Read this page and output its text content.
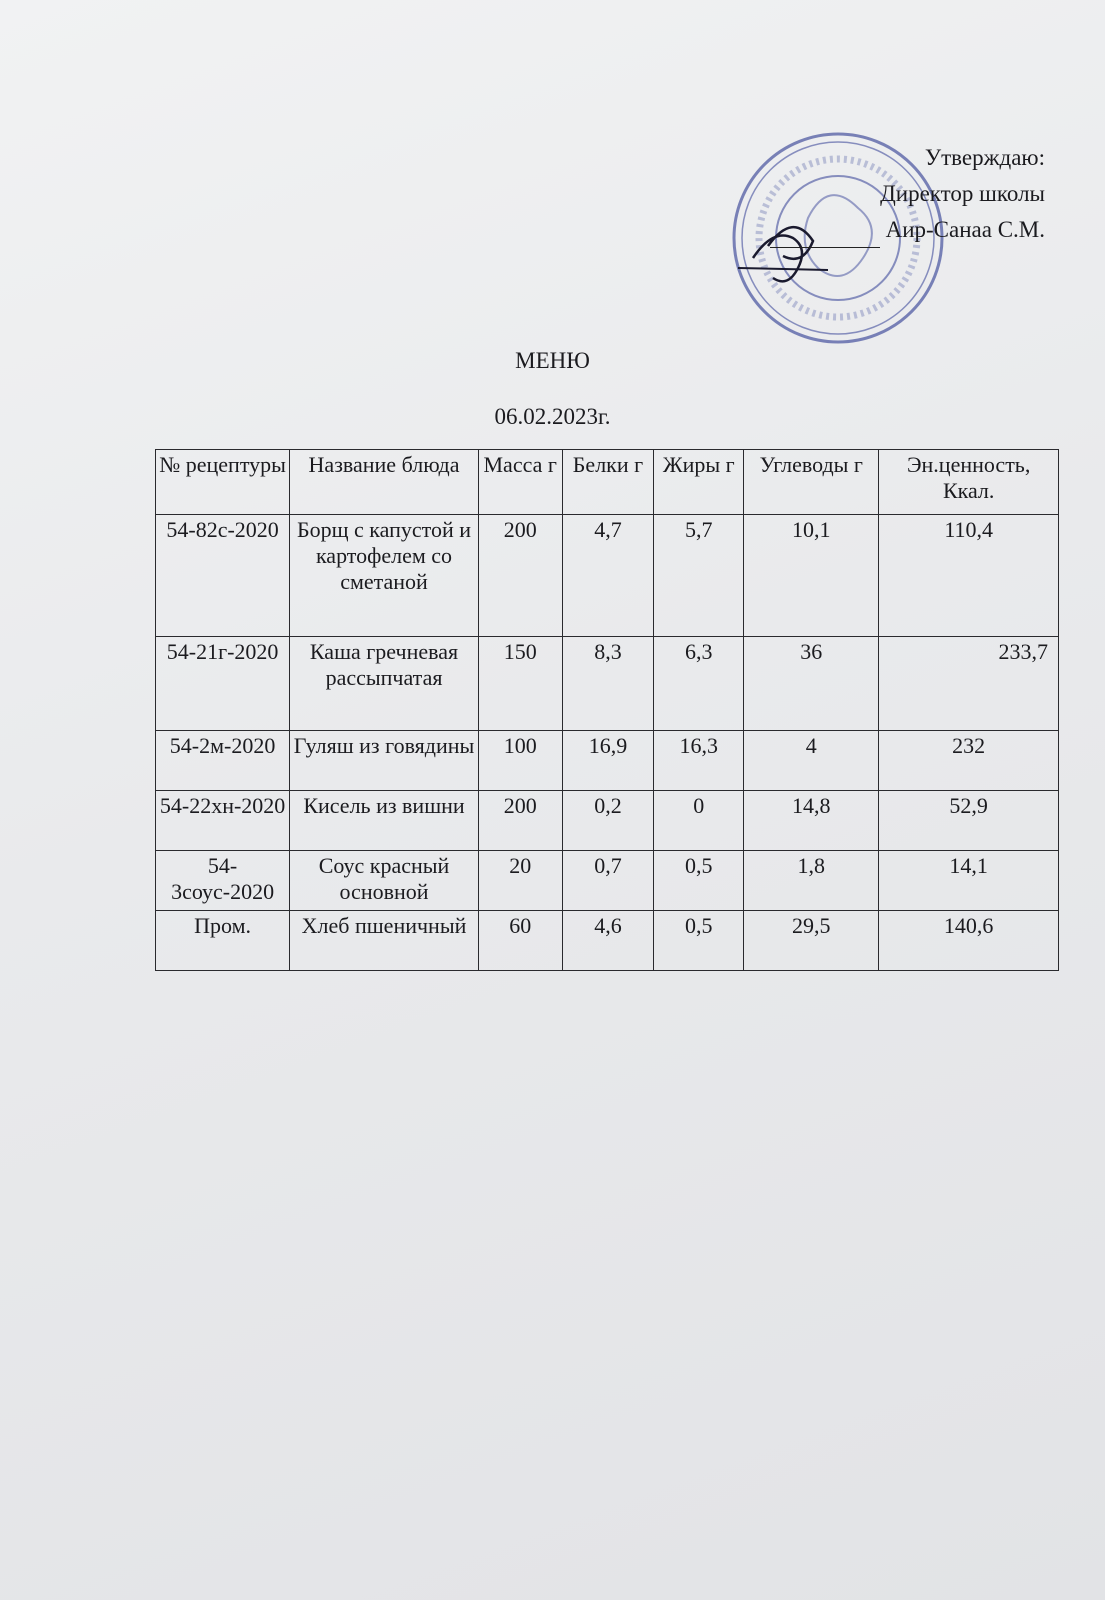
Утверждаю:
Директор школы
Аир-Санаа С.М.
МЕНЮ
06.02.2023г.
№ рецептуры	Название блюда	Масса г	Белки г	Жиры г	Углеводы г	Эн.ценность, Ккал.
54-82с-2020	Борщ с капустой и картофелем со сметаной	200	4,7	5,7	10,1	110,4
54-21г-2020	Каша гречневая рассыпчатая	150	8,3	6,3	36	233,7
54-2м-2020	Гуляш из говядины	100	16,9	16,3	4	232
54-22хн-2020	Кисель из вишни	200	0,2	0	14,8	52,9
54-3соус-2020	Соус красный основной	20	0,7	0,5	1,8	14,1
Пром.	Хлеб пшеничный	60	4,6	0,5	29,5	140,6
